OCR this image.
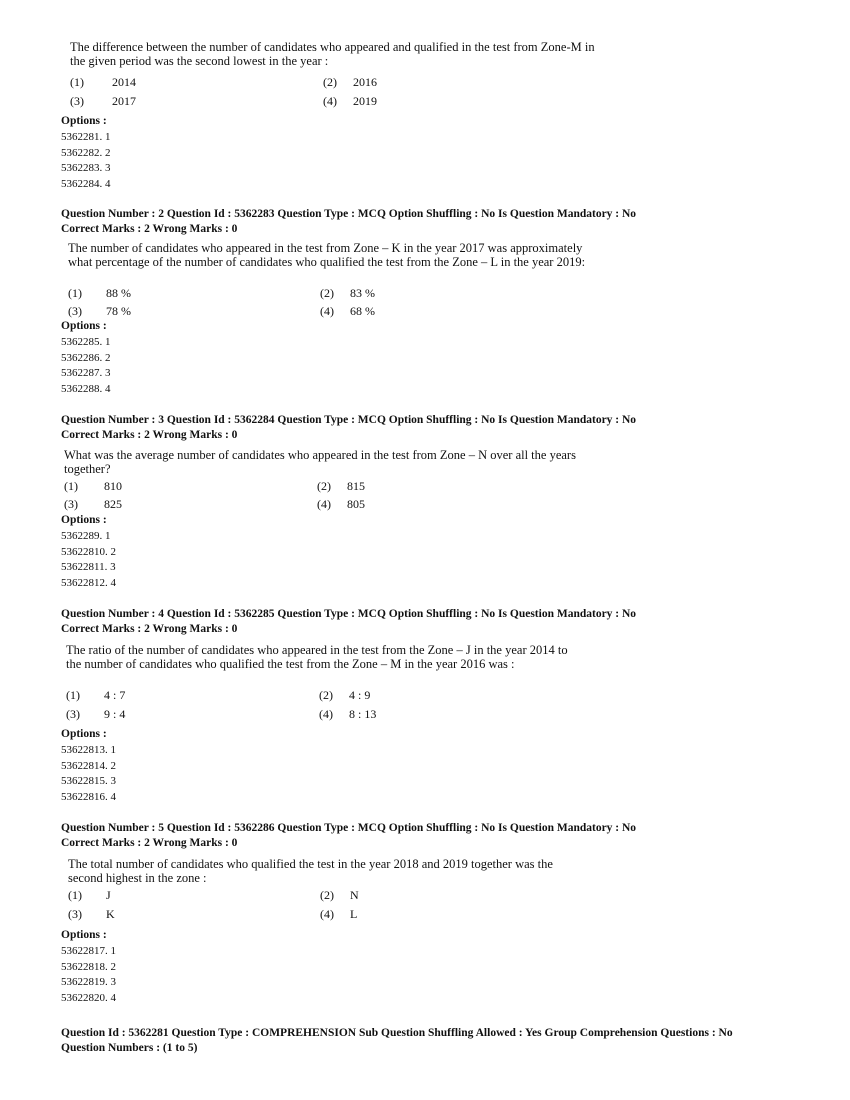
The difference between the number of candidates who appeared and qualified in the test from Zone-M in the given period was the second lowest in the year :
(1) 2014	(2) 2016
(3) 2017	(4) 2019
Options :
5362281. 1
5362282. 2
5362283. 3
5362284. 4
Question Number : 2 Question Id : 5362283 Question Type : MCQ Option Shuffling : No Is Question Mandatory : No
Correct Marks : 2 Wrong Marks : 0
The number of candidates who appeared in the test from Zone – K in the year 2017 was approximately what percentage of the number of candidates who qualified the test from the Zone – L in the year 2019:
(1) 88 %	(2) 83 %
(3) 78 %	(4) 68 %
Options :
5362285. 1
5362286. 2
5362287. 3
5362288. 4
Question Number : 3 Question Id : 5362284 Question Type : MCQ Option Shuffling : No Is Question Mandatory : No
Correct Marks : 2 Wrong Marks : 0
What was the average number of candidates who appeared in the test from Zone – N over all the years together?
(1) 810	(2) 815
(3) 825	(4) 805
Options :
5362289. 1
53622810. 2
53622811. 3
53622812. 4
Question Number : 4 Question Id : 5362285 Question Type : MCQ Option Shuffling : No Is Question Mandatory : No
Correct Marks : 2 Wrong Marks : 0
The ratio of the number of candidates who appeared in the test from the Zone – J in the year 2014 to the number of candidates who qualified the test from the Zone – M in the year 2016 was :
(1) 4 : 7	(2) 4 : 9
(3) 9 : 4	(4) 8 : 13
Options :
53622813. 1
53622814. 2
53622815. 3
53622816. 4
Question Number : 5 Question Id : 5362286 Question Type : MCQ Option Shuffling : No Is Question Mandatory : No
Correct Marks : 2 Wrong Marks : 0
The total number of candidates who qualified the test in the year 2018 and 2019 together was the second highest in the zone :
(1) J	(2) N
(3) K	(4) L
Options :
53622817. 1
53622818. 2
53622819. 3
53622820. 4
Question Id : 5362281 Question Type : COMPREHENSION Sub Question Shuffling Allowed : Yes Group Comprehension Questions : No
Question Numbers : (1 to 5)
